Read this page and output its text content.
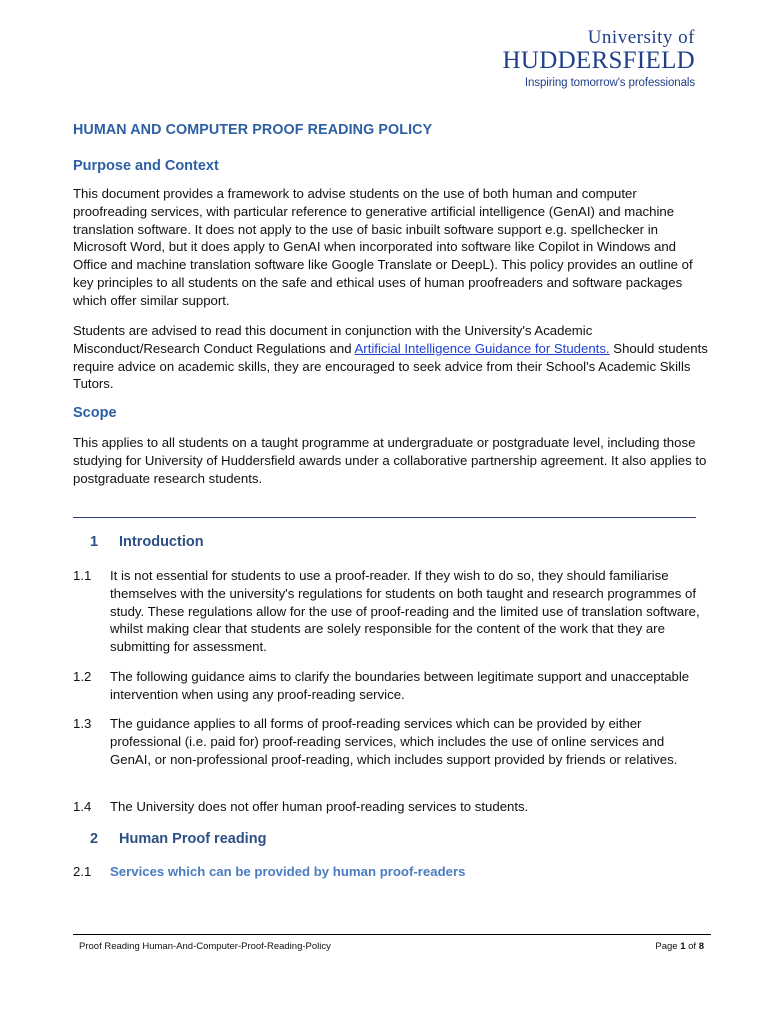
University of
HUDDERSFIELD
Inspiring tomorrow's professionals
HUMAN AND COMPUTER PROOF READING POLICY
Purpose and Context

This document provides a framework to advise students on the use of both human and computer proofreading services, with particular reference to generative artificial intelligence (GenAI) and machine translation software. It does not apply to the use of basic inbuilt software support e.g. spellchecker in Microsoft Word, but it does apply to GenAI when incorporated into software like Copilot in Windows and Office and machine translation software like Google Translate or DeepL). This policy provides an outline of key principles to all students on the safe and ethical uses of human proofreaders and software packages which offer similar support.

Students are advised to read this document in conjunction with the University's Academic Misconduct/Research Conduct Regulations and Artificial Intelligence Guidance for Students. Should students require advice on academic skills, they are encouraged to seek advice from their School's Academic Skills Tutors.

Scope

This applies to all students on a taught programme at undergraduate or postgraduate level, including those studying for University of Huddersfield awards under a collaborative partnership agreement. It also applies to postgraduate research students.

1 Introduction
1.1 It is not essential for students to use a proof-reader. If they wish to do so, they should familiarise themselves with the university's regulations for students on both taught and research programmes of study. These regulations allow for the use of proof-reading and the limited use of translation software, whilst making clear that students are solely responsible for the content of the work that they are submitting for assessment.
1.2 The following guidance aims to clarify the boundaries between legitimate support and unacceptable intervention when using any proof-reading service.
1.3 The guidance applies to all forms of proof-reading services which can be provided by either professional (i.e. paid for) proof-reading services, which includes the use of online services and GenAI, or non-professional proof-reading, which includes support provided by friends or relatives.
1.4 The University does not offer human proof-reading services to students.
2 Human Proof reading
2.1 Services which can be provided by human proof-readers
Proof Reading Human-And-Computer-Proof-Reading-Policy	Page 1 of 8
